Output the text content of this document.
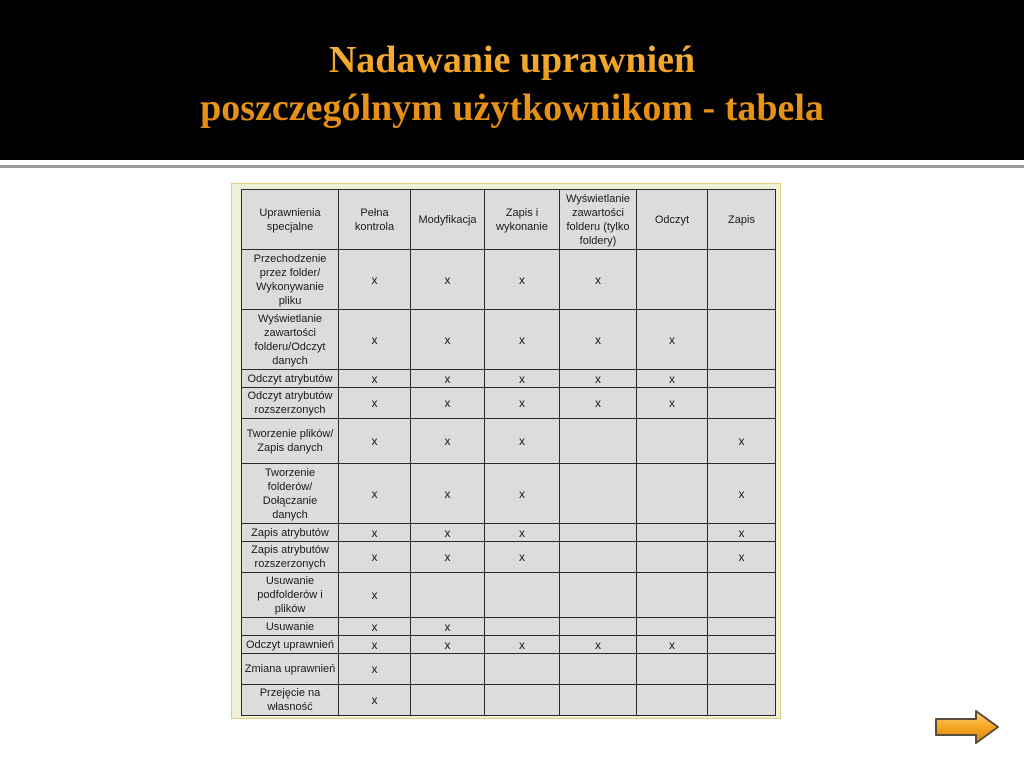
Nadawanie uprawnień
poszczególnym użytkownikom - tabela
Uprawnienia specjalne	Pełna kontrola	Modyfikacja	Zapis i wykonanie	Wyświetlanie zawartości folderu (tylko foldery)	Odczyt	Zapis
Przechodzenie przez folder/ Wykonywanie pliku	x	x	x	x		
Wyświetlanie zawartości folderu/Odczyt danych	x	x	x	x	x	
Odczyt atrybutów	x	x	x	x	x	
Odczyt atrybutów rozszerzonych	x	x	x	x	x	
Tworzenie plików/ Zapis danych	x	x	x			x
Tworzenie folderów/ Dołączanie danych	x	x	x			x
Zapis atrybutów	x	x	x			x
Zapis atrybutów rozszerzonych	x	x	x			x
Usuwanie podfolderów i plików	x					
Usuwanie	x	x				
Odczyt uprawnień	x	x	x	x	x	
Zmiana uprawnień	x					
Przejęcie na własność	x					
